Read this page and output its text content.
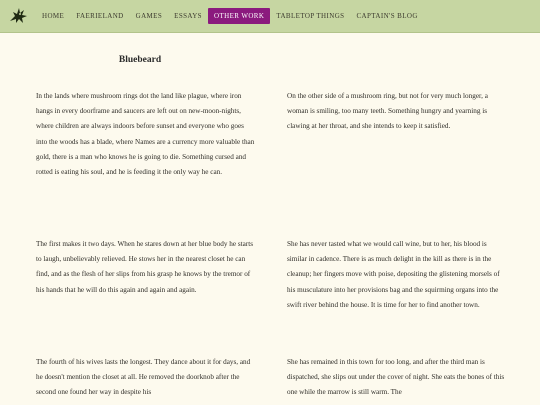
HOME	FAERIELAND	GAMES	ESSAYS	OTHER WORK	TABLETOP THINGS	CAPTAIN'S BLOG
Bluebeard

In the lands where mushroom rings dot the land like plague, where iron hangs in every doorframe and saucers are left out on new-moon-nights, where children are always indoors before sunset and everyone who goes into the woods has a blade, where Names are a currency more valuable than gold, there is a man who knows he is going to die. Something cursed and rotted is eating his soul, and he is feeding it the only way he can.

On the other side of a mushroom ring, but not for very much longer, a woman is smiling, too many teeth. Something hungry and yearning is clawing at her throat, and she intends to keep it satisfied.

The first makes it two days. When he stares down at her blue body he starts to laugh, unbelievably relieved. He stows her in the nearest closet he can find, and as the flesh of her slips from his grasp he knows by the tremor of his hands that he will do this again and again and again.

She has never tasted what we would call wine, but to her, his blood is similar in cadence. There is as much delight in the kill as there is in the cleanup; her fingers move with poise, depositing the glistening morsels of his musculature into her provisions bag and the squirming organs into the swift river behind the house. It is time for her to find another town.

The fourth of his wives lasts the longest. They dance about it for days, and he doesn't mention the closet at all. He removed the doorknob after the second one found her way in despite his

She has remained in this town for too long, and after the third man is dispatched, she slips out under the cover of night. She eats the bones of this one while the marrow is still warm. The
